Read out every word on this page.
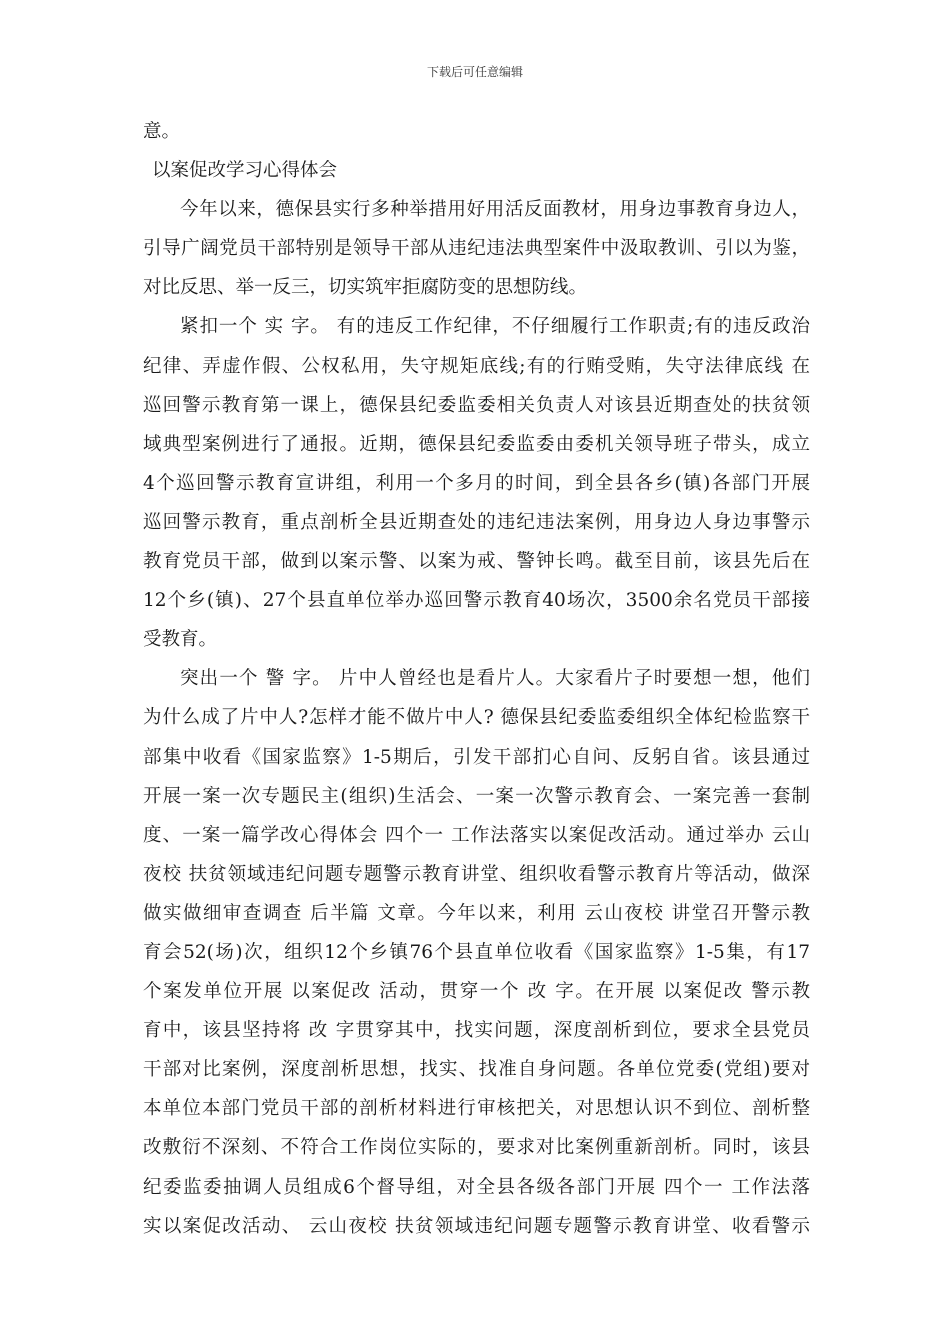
下载后可任意编辑
意。
以案促改学习心得体会
今年以来，德保县实行多种举措用好用活反面教材，用身边事教育身边人，
引导广阔党员干部特别是领导干部从违纪违法典型案件中汲取教训、引以为鉴，
对比反思、举一反三，切实筑牢拒腐防变的思想防线。
紧扣一个 实 字。 有的违反工作纪律，不仔细履行工作职责;有的违反政治
纪律、弄虚作假、公权私用，失守规矩底线;有的行贿受贿，失守法律底线 在
巡回警示教育第一课上，德保县纪委监委相关负责人对该县近期查处的扶贫领
域典型案例进行了通报。近期，德保县纪委监委由委机关领导班子带头，成立
4个巡回警示教育宣讲组，利用一个多月的时间，到全县各乡(镇)各部门开展
巡回警示教育，重点剖析全县近期查处的违纪违法案例，用身边人身边事警示
教育党员干部，做到以案示警、以案为戒、警钟长鸣。截至目前，该县先后在
12个乡(镇)、27个县直单位举办巡回警示教育40场次，3500余名党员干部接
受教育。
突出一个 警 字。 片中人曾经也是看片人。大家看片子时要想一想，他们
为什么成了片中人?怎样才能不做片中人? 德保县纪委监委组织全体纪检监察干
部集中收看《国家监察》1-5期后，引发干部扪心自问、反躬自省。该县通过
开展一案一次专题民主(组织)生活会、一案一次警示教育会、一案完善一套制
度、一案一篇学改心得体会 四个一 工作法落实以案促改活动。通过举办 云山
夜校 扶贫领域违纪问题专题警示教育讲堂、组织收看警示教育片等活动，做深
做实做细审查调查 后半篇 文章。今年以来，利用 云山夜校 讲堂召开警示教
育会52(场)次，组织12个乡镇76个县直单位收看《国家监察》1-5集，有17
个案发单位开展 以案促改 活动，贯穿一个 改 字。在开展 以案促改 警示教
育中，该县坚持将 改 字贯穿其中，找实问题，深度剖析到位，要求全县党员
干部对比案例，深度剖析思想，找实、找准自身问题。各单位党委(党组)要对
本单位本部门党员干部的剖析材料进行审核把关，对思想认识不到位、剖析整
改敷衍不深刻、不符合工作岗位实际的，要求对比案例重新剖析。同时，该县
纪委监委抽调人员组成6个督导组，对全县各级各部门开展 四个一 工作法落
实以案促改活动、 云山夜校 扶贫领域违纪问题专题警示教育讲堂、收看警示
